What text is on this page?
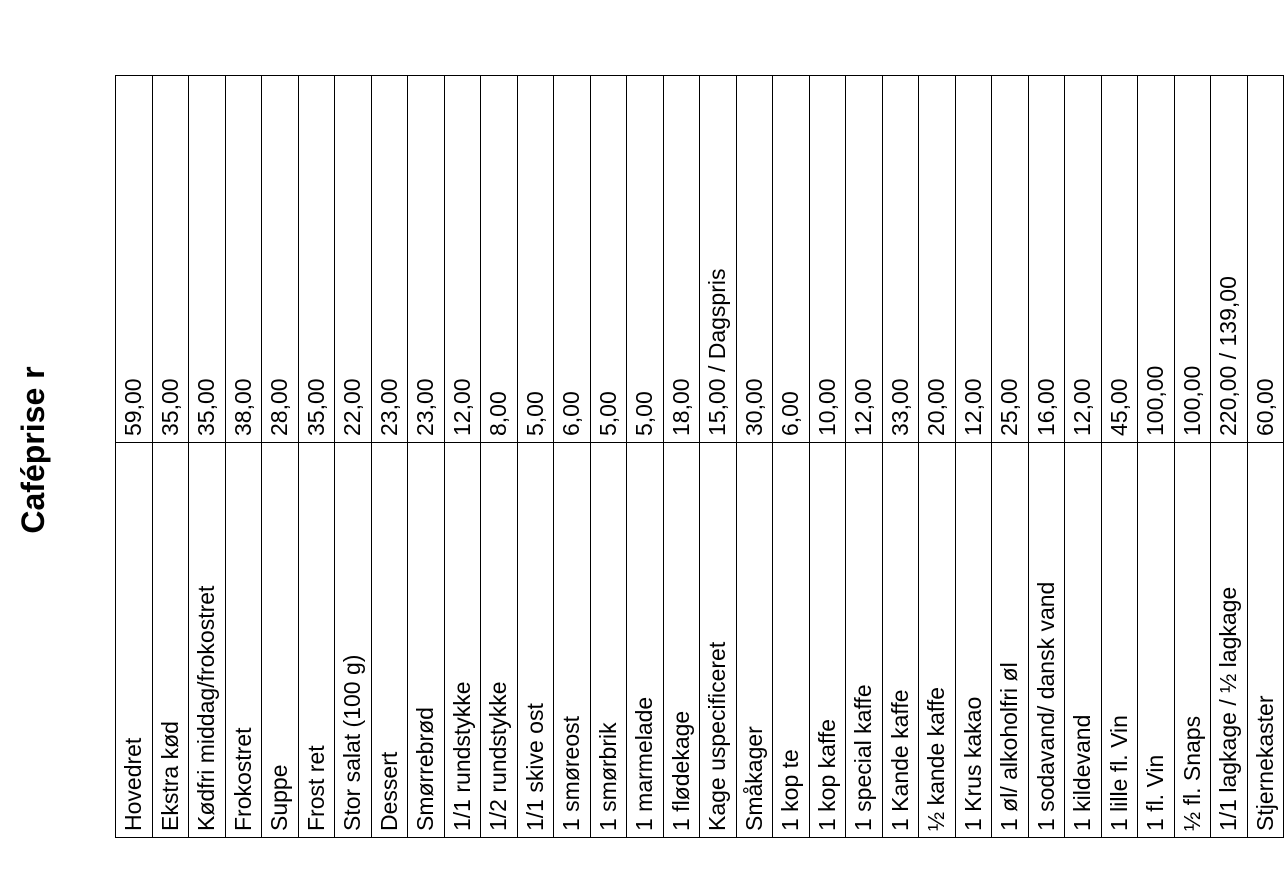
Caféprise r
Hovedret	59,00
Ekstra kød	35,00
Kødfri middag/frokostret	35,00
Frokostret	38,00
Suppe	28,00
Frost ret	35,00
Stor salat (100 g)	22,00
Dessert	23,00
Smørrebrød	23,00
1/1 rundstykke	12,00
1/2 rundstykke	8,00
1/1 skive ost	5,00
1 smøreost	6,00
1 smørbrik	5,00
1 marmelade	5,00
1 flødekage	18,00
Kage uspecificeret	15,00 / Dagspris
Småkager	30,00
1 kop te	6,00
1 kop kaffe	10,00
1 special kaffe	12,00
1 Kande kaffe	33,00
½ kande kaffe	20,00
1 Krus kakao	12,00
1 øl/ alkoholfri øl	25,00
1 sodavand/ dansk vand	16,00
1 kildevand	12,00
1 lille fl. Vin	45,00
1 fl. Vin	100,00
½ fl. Snaps	100,00
1/1 lagkage / ½ lagkage	220,00 / 139,00
Stjernekaster	60,00
